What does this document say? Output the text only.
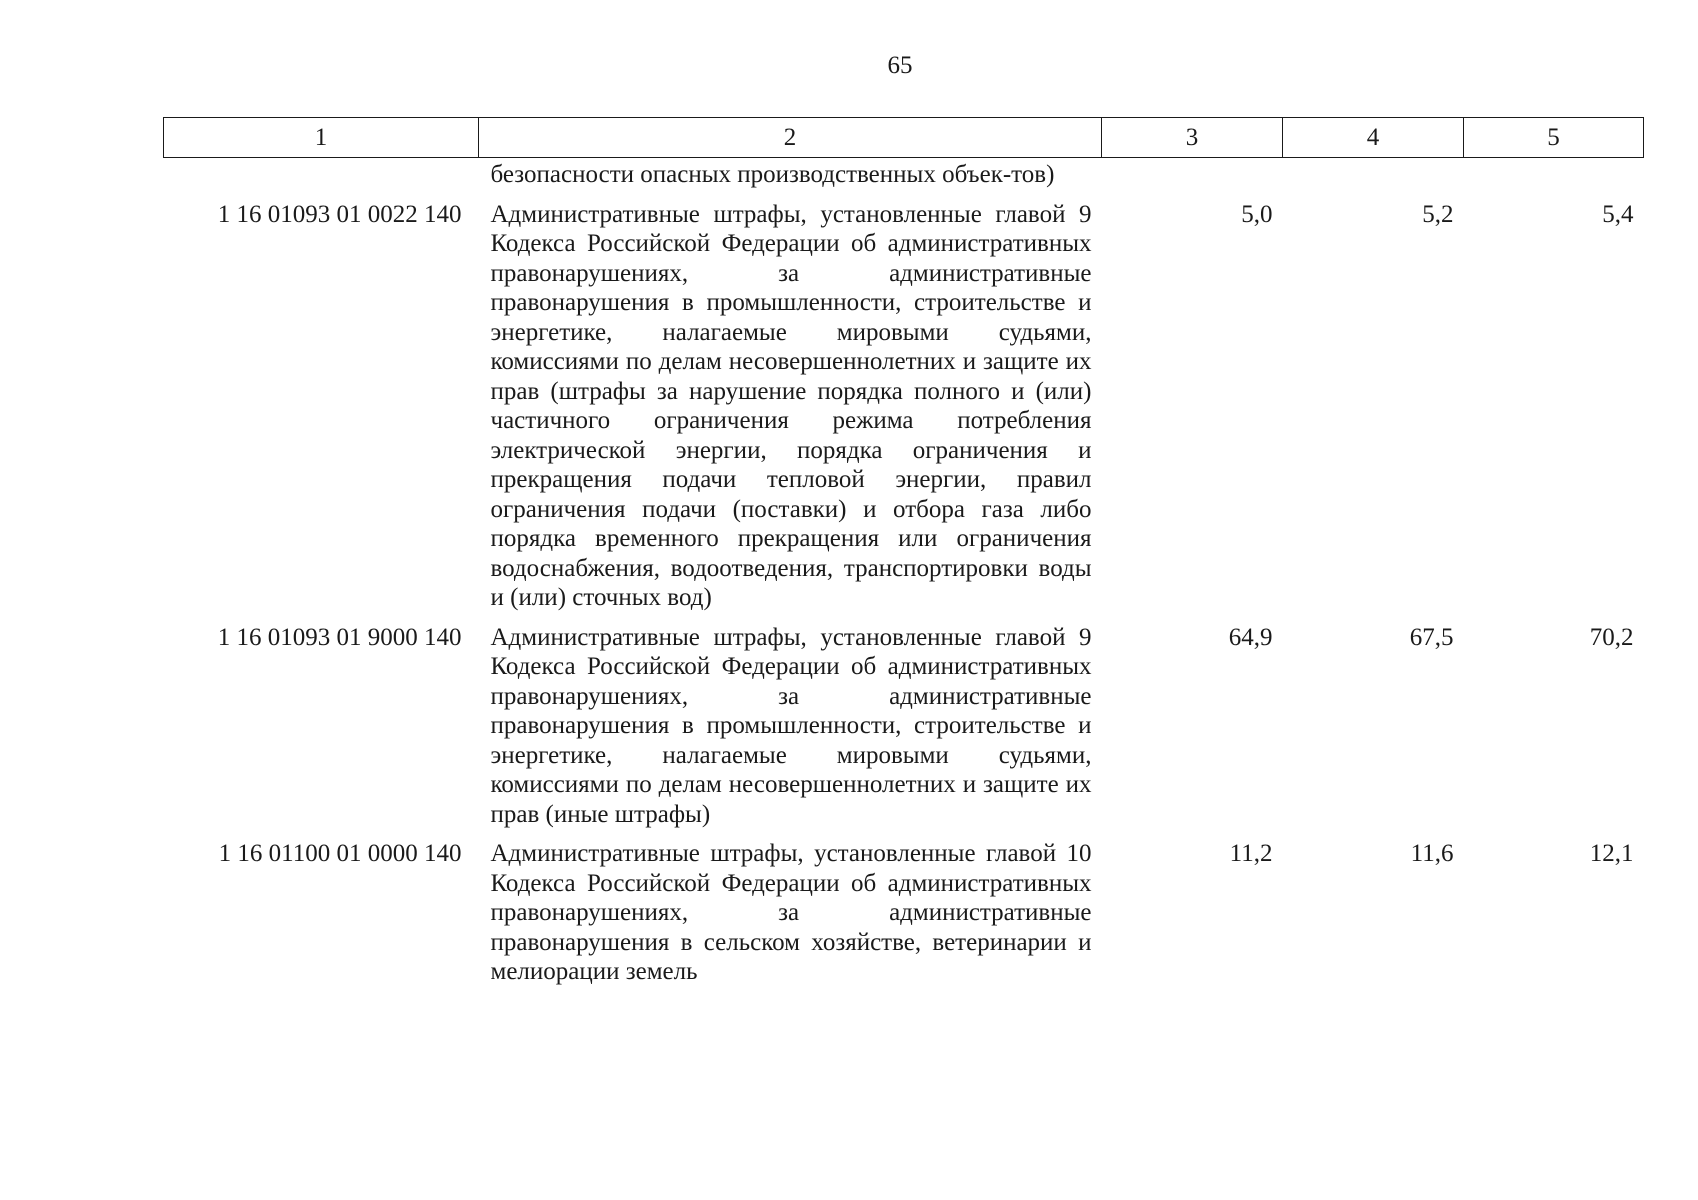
65
1	2	3	4	5

	безопасности опасных производственных объек-тов)			

1 16 01093 01 0022 140	Административные штрафы, установленные главой 9 Кодекса Российской Федерации об административных правонарушениях, за административные правонарушения в промышленности, строительстве и энергетике, налагаемые мировыми судьями, комиссиями по делам несовершеннолетних и защите их прав (штрафы за нарушение порядка полного и (или) частичного ограничения режима потребления электрической энергии, порядка ограничения и прекращения подачи тепловой энергии, правил ограничения подачи (поставки) и отбора газа либо порядка временного прекращения или ограничения водоснабжения, водоотведения, транспортировки воды и (или) сточных вод)	5,0	5,2	5,4
1 16 01093 01 9000 140	Административные штрафы, установленные главой 9 Кодекса Российской Федерации об административных правонарушениях, за административные правонарушения в промышленности, строительстве и энергетике, налагаемые мировыми судьями, комиссиями по делам несовершеннолетних и защите их прав (иные штрафы)	64,9	67,5	70,2
1 16 01100 01 0000 140	Административные штрафы, установленные главой 10 Кодекса Российской Федерации об административных правонарушениях, за административные правонарушения в сельском хозяйстве, ветеринарии и мелиорации земель	11,2	11,6	12,1
